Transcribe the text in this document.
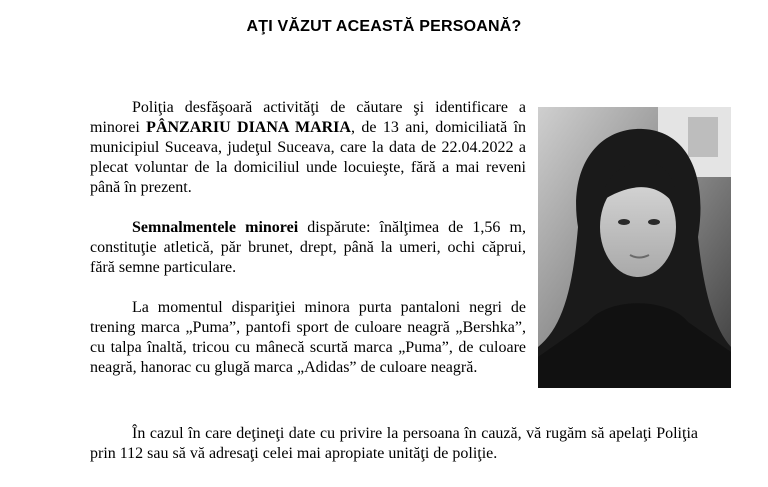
AŢI VĂZUT ACEASTĂ PERSOANĂ?

Poliţia desfăşoară activităţi de căutare şi identificare a minorei PÂNZARIU DIANA MARIA, de 13 ani, domiciliată în municipiul Suceava, judeţul Suceava, care la data de 22.04.2022 a plecat voluntar de la domiciliul unde locuieşte, fără a mai reveni până în prezent.

Semnalmentele minorei dispărute: înălţimea de 1,56 m, constituţie atletică, păr brunet, drept, până la umeri, ochi căprui, fără semne particulare.

La momentul dispariţiei minora purta pantaloni negri de trening marca „Puma”, pantofi sport de culoare neagră „Bershka”, cu talpa înaltă, tricou cu mânecă scurtă marca „Puma”, de culoare neagră, hanorac cu glugă marca „Adidas” de culoare neagră.

În cazul în care deţineţi date cu privire la persoana în cauză, vă rugăm să apelaţi Poliţia prin 112 sau să vă adresaţi celei mai apropiate unităţi de poliţie.
